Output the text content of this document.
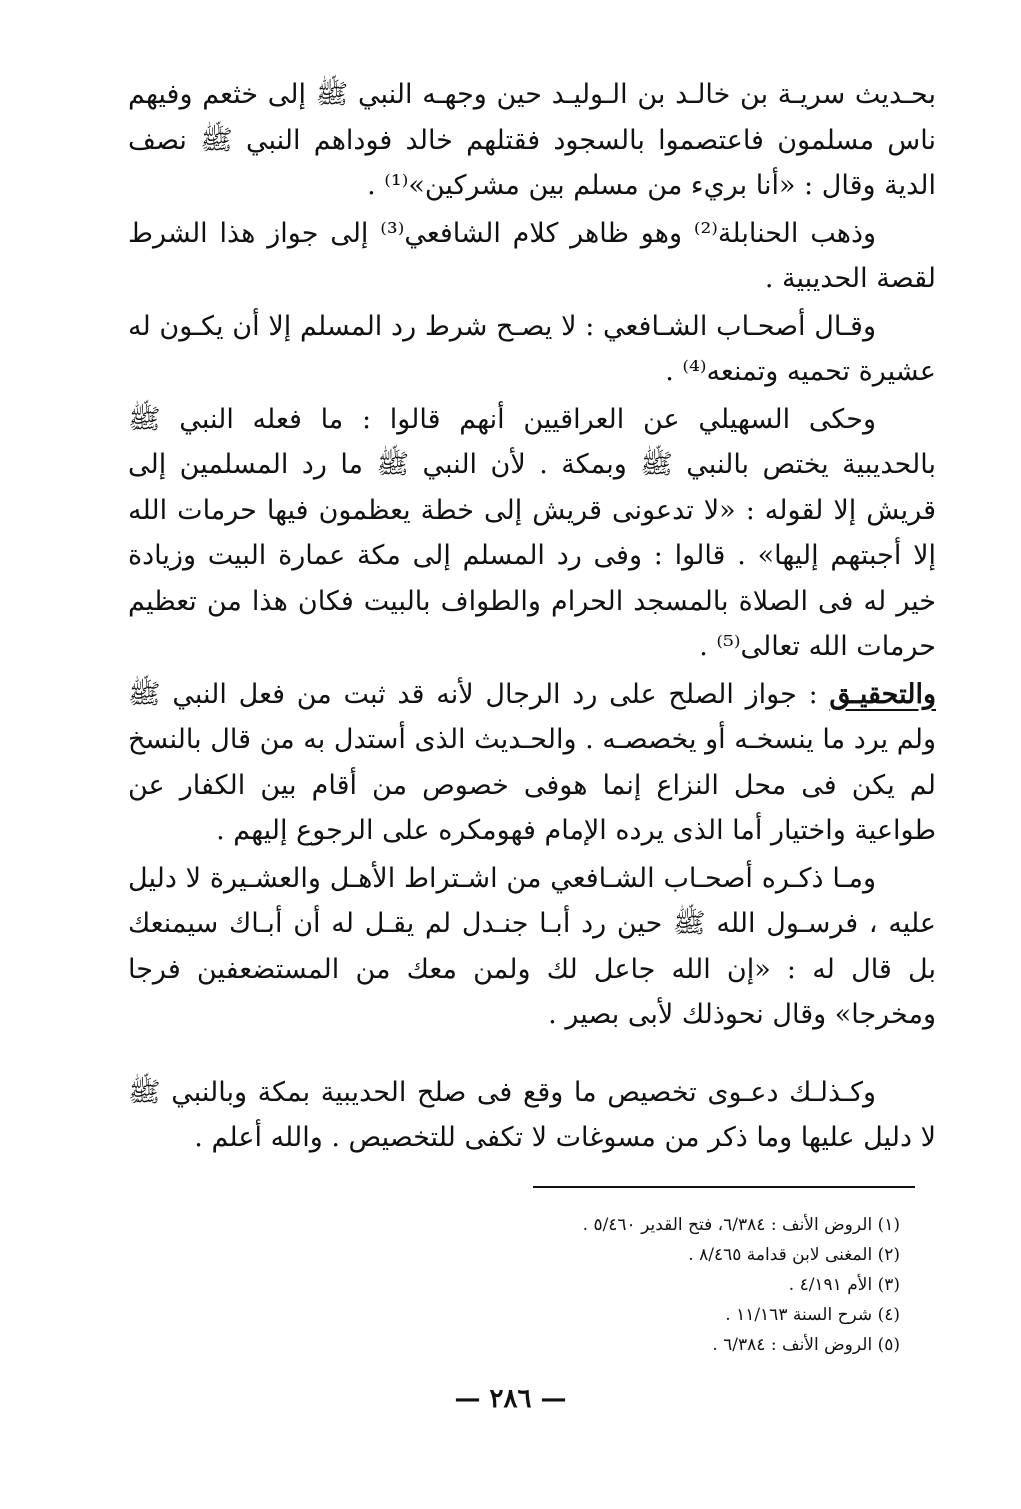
بحـديث سريـة بن خالـد بن الـوليـد حين وجهـه النبي ﷺ إلى خثعم وفيهم ناس مسلمون فاعتصموا بالسجود فقتلهم خالد فوداهم النبي ﷺ نصف الدية وقال : «أنا بريء من مسلم بين مشركين»⁽¹⁾ .

وذهب الحنابلة⁽²⁾ وهو ظاهر كلام الشافعي⁽³⁾ إلى جواز هذا الشرط لقصة الحديبية .

وقـال أصحـاب الشـافعي : لا يصـح شرط رد المسلم إلا أن يكـون له عشيرة تحميه وتمنعه⁽⁴⁾ .

وحكى السهيلي عن العراقيين أنهم قالوا : ما فعله النبي ﷺ بالحديبية يختص بالنبي ﷺ وبمكة . لأن النبي ﷺ ما رد المسلمين إلى قريش إلا لقوله : «لا تدعونى قريش إلى خطة يعظمون فيها حرمات الله إلا أجبتهم إليها» . قالوا : وفى رد المسلم إلى مكة عمارة البيت وزيادة خير له فى الصلاة بالمسجد الحرام والطواف بالبيت فكان هذا من تعظيم حرمات الله تعالى⁽⁵⁾ .

والتحقيـق : جواز الصلح على رد الرجال لأنه قد ثبت من فعل النبي ﷺ ولم يرد ما ينسخـه أو يخصصـه . والحـديث الذى أستدل به من قال بالنسخ لم يكن فى محل النزاع إنما هوفى خصوص من أقام بين الكفار عن طواعية واختيار أما الذى يرده الإمام فهومكره على الرجوع إليهم .

ومـا ذكـره أصحـاب الشـافعي من اشـتراط الأهـل والعشـيرة لا دليل عليه ، فرسـول الله ﷺ حين رد أبـا جنـدل لم يقـل له أن أبـاك سيمنعك بل قال له : «إن الله جاعل لك ولمن معك من المستضعفين فرجا ومخرجا» وقال نحوذلك لأبى بصير .

وكـذلـك دعـوى تخصيص ما وقع فى صلح الحديبية بمكة وبالنبي ﷺ لا دليل عليها وما ذكر من مسوغات لا تكفى للتخصيص . والله أعلم .

(١) الروض الأنف : ٦/٣٨٤، فتح القدير ٥/٤٦٠ .

(٢) المغنى لابن قدامة ٨/٤٦٥ .

(٣) الأم ٤/١٩١ .

(٤) شرح السنة ١١/١٦٣ .

(٥) الروض الأنف : ٦/٣٨٤ .

— ٢٨٦ —
